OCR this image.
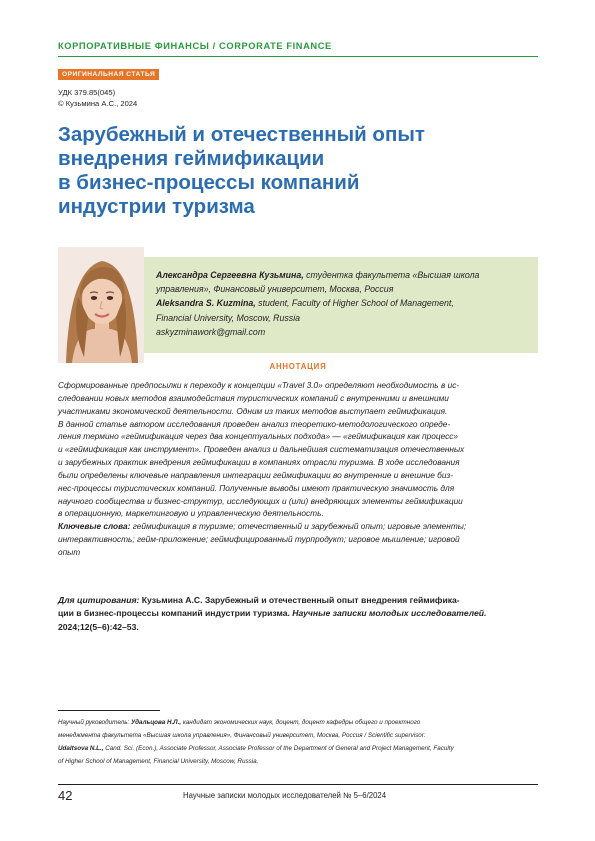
КОРПОРАТИВНЫЕ ФИНАНСЫ / CORPORATE FINANCE
ОРИГИНАЛЬНАЯ СТАТЬЯ
УДК 379.85(045)
© Кузьмина А.С., 2024
Зарубежный и отечественный опыт
внедрения геймификации
в бизнес-процессы компаний
индустрии туризма
Александра Сергеевна Кузьмина, студентка факультета «Высшая школа
управления», Финансовый университет, Москва, Россия
Aleksandra S. Kuzmina, student, Faculty of Higher School of Management,
Financial University, Moscow, Russia
askyzminawork@gmail.com
АННОТАЦИЯ
Сформированные предпосылки к переходу к концепции «Travel 3.0» определяют необходимость в ис-
следовании новых методов взаимодействия туристических компаний с внутренними и внешними
участниками экономической деятельности. Одним из таких методов выступает геймификация.
В данной статье автором исследования проведен анализ теоретико-методологического опреде-
ления термино «геймификация через два концептуальных подхода» — «геймификация как процесс»
и «геймификация как инструмент». Проведен анализ и дальнейшая систематизация отечественных
и зарубежных практик внедрения геймификации в компаниях отрасли туризма. В ходе исследования
были определены ключевые направления интеграции геймификации во внутренние и внешние биз-
нес-процессы туристических компаний. Полученные выводы имеют практическую значимость для
научного сообщества и бизнес-структур, исследующих и (или) внедряющих элементы геймификации
в операционную, маркетинговую и управленческую деятельность.
Ключевые слова: геймификация в туризме; отечественный и зарубежный опыт; игровые элементы;
интерактивность; гейм-приложение; геймифицированный турпродукт; игровое мышление; игровой
опыт
Для цитирования: Кузьмина А.С. Зарубежный и отечественный опыт внедрения геймифика-
ции в бизнес-процессы компаний индустрии туризма. Научные записки молодых исследователей.
2024;12(5–6):42–53.
Научный руководитель: Удальцова Н.Л., кандидат экономических наук, доцент, доцент кафедры общего и проектного
менеджмента факультета «Высшая школа управления», Финансовый университет, Москва, Россия / Scientific supervisor:
Udaltsova N.L., Cand. Sci. (Econ.), Associate Professor, Associate Professor of the Department of General and Project Management, Faculty
of Higher School of Management, Financial University, Moscow, Russia.
42	Научные записки молодых исследователей № 5–6/2024
